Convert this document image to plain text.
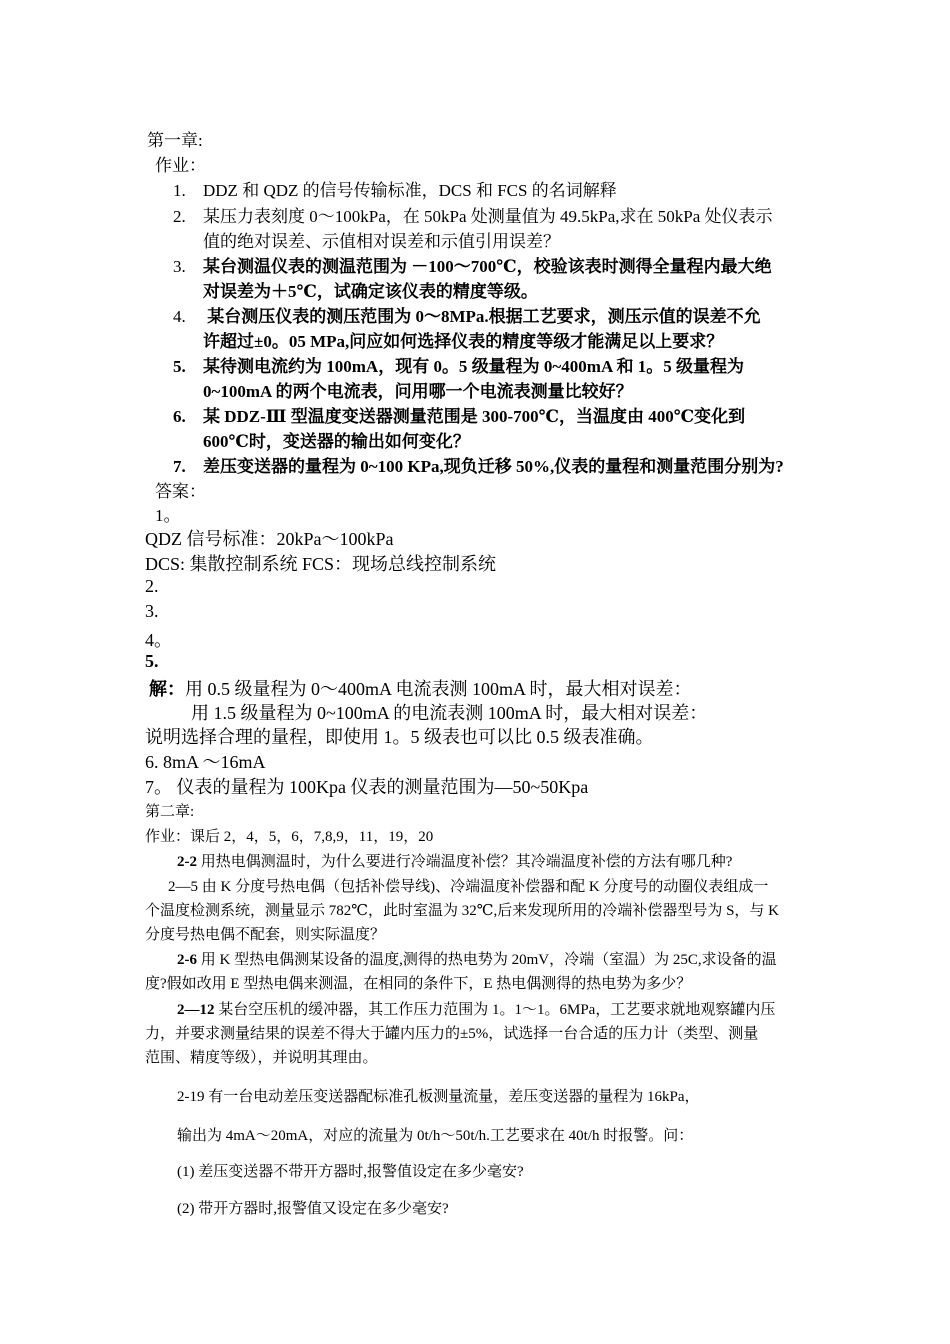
第一章:
作业：
1. DDZ 和 QDZ 的信号传输标准，DCS 和 FCS 的名词解释
2. 某压力表刻度 0～100kPa，在 50kPa 处测量值为 49.5kPa,求在 50kPa 处仪表示
值的绝对误差、示值相对误差和示值引用误差？
3. 某台测温仪表的测温范围为 －100～700℃，校验该表时测得全量程内最大绝
对误差为＋5℃，试确定该仪表的精度等级。
4. 某台测压仪表的测压范围为 0～8MPa.根据工艺要求，测压示值的误差不允
许超过±0。05 MPa,问应如何选择仪表的精度等级才能满足以上要求？
5. 某待测电流约为 100mA，现有 0。5 级量程为 0~400mA 和 1。5 级量程为
0~100mA 的两个电流表，问用哪一个电流表测量比较好？
6. 某 DDZ-Ⅲ 型温度变送器测量范围是 300-700℃，当温度由 400℃变化到
600℃时，变送器的输出如何变化？
7. 差压变送器的量程为 0~100 KPa,现负迁移 50%,仪表的量程和测量范围分别为?
答案：
1。
QDZ 信号标准：20kPa～100kPa
DCS: 集散控制系统 FCS：现场总线控制系统
2.
3.
4。
5.
解：用 0.5 级量程为 0～400mA 电流表测 100mA 时，最大相对误差：
用 1.5 级量程为 0~100mA 的电流表测 100mA 时，最大相对误差：
说明选择合理的量程，即使用 1。5 级表也可以比 0.5 级表准确。
6. 8mA ～16mA
7。 仪表的量程为 100Kpa 仪表的测量范围为—50~50Kpa
第二章:
作业：课后 2，4，5，6，7,8,9，11，19，20
2-2 用热电偶测温时，为什么要进行冷端温度补偿？其冷端温度补偿的方法有哪几种?
2—5 由 K 分度号热电偶（包括补偿导线)、冷端温度补偿器和配 K 分度号的动圈仪表组成一
个温度检测系统，测量显示 782℃，此时室温为 32℃,后来发现所用的冷端补偿器型号为 S，与 K
分度号热电偶不配套，则实际温度？
2-6 用 K 型热电偶测某设备的温度,测得的热电势为 20mV，冷端（室温）为 25C,求设备的温
度?假如改用 E 型热电偶来测温，在相同的条件下，E 热电偶测得的热电势为多少？
2—12 某台空压机的缓冲器，其工作压力范围为 1。1～1。6MPa，工艺要求就地观察罐内压
力，并要求测量结果的误差不得大于罐内压力的±5%，试选择一台合适的压力计（类型、测量
范围、精度等级），并说明其理由。
2-19 有一台电动差压变送器配标准孔板测量流量，差压变送器的量程为 16kPa，
输出为 4mA～20mA，对应的流量为 0t/h～50t/h.工艺要求在 40t/h 时报警。问：
(1) 差压变送器不带开方器时,报警值设定在多少毫安?
(2) 带开方器时,报警值又设定在多少毫安?
